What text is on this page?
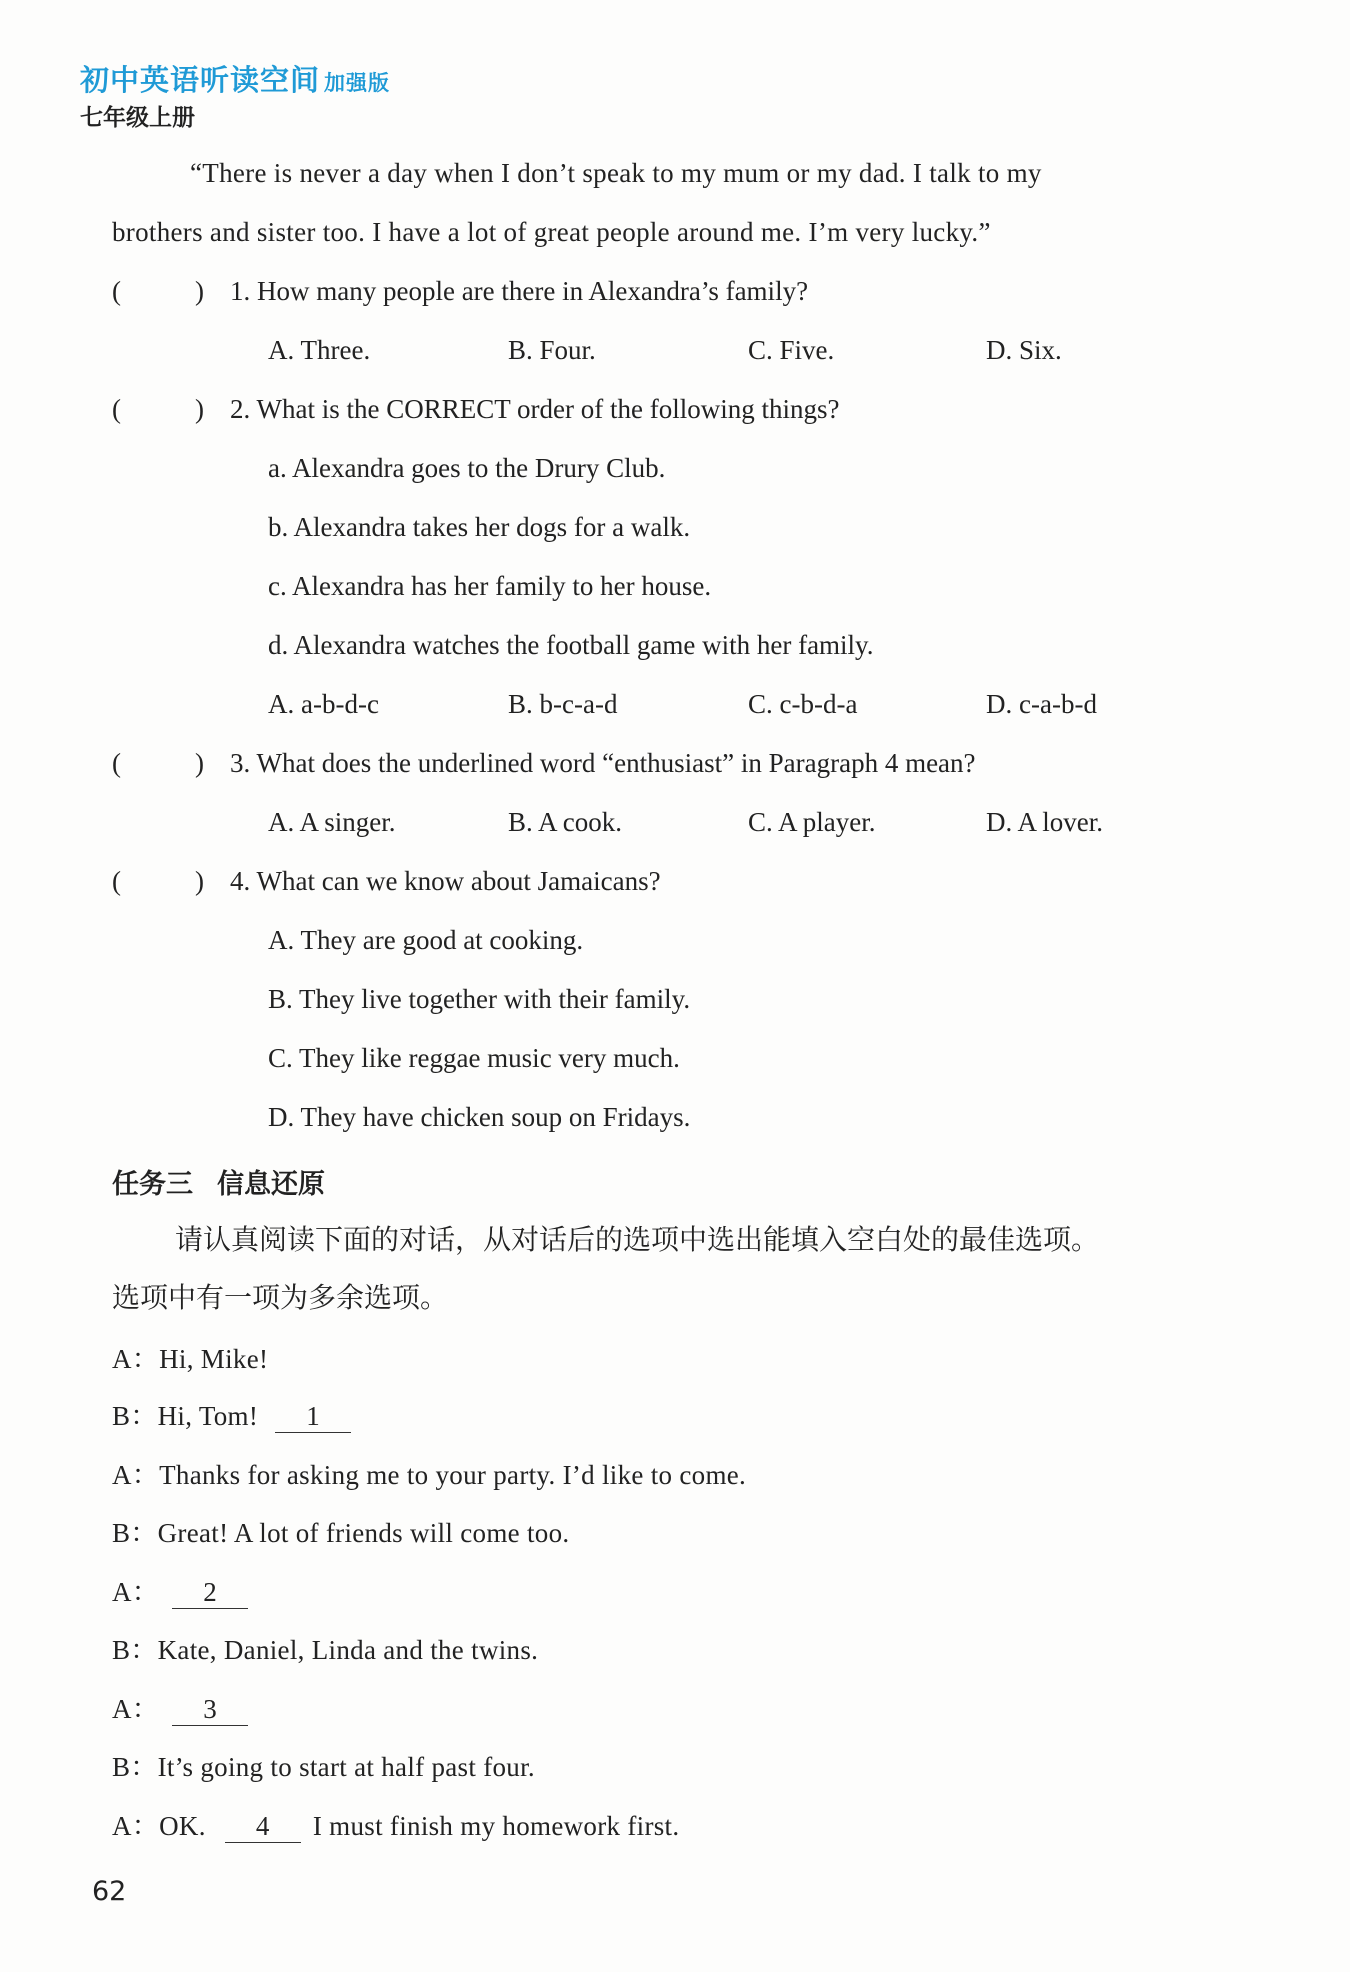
初中英语听读空间 加强版
七年级上册
“There is never a day when I don’t speak to my mum or my dad. I talk to my
brothers and sister too. I have a lot of great people around me. I’m very lucky.”
(	) 1. How many people are there in Alexandra’s family?
A. Three.	B. Four.	C. Five.	D. Six.
(	) 2. What is the CORRECT order of the following things?
a. Alexandra goes to the Drury Club.
b. Alexandra takes her dogs for a walk.
c. Alexandra has her family to her house.
d. Alexandra watches the football game with her family.
A. a-b-d-c	B. b-c-a-d	C. c-b-d-a	D. c-a-b-d
(	) 3. What does the underlined word “enthusiast” in Paragraph 4 mean?
A. A singer.	B. A cook.	C. A player.	D. A lover.
(	) 4. What can we know about Jamaicans?
A. They are good at cooking.
B. They live together with their family.
C. They like reggae music very much.
D. They have chicken soup on Fridays.
任务三 信息还原
请认真阅读下面的对话，从对话后的选项中选出能填入空白处的最佳选项。
选项中有一项为多余选项。
A：Hi, Mike!
B：Hi, Tom! 1
A：Thanks for asking me to your party. I’d like to come.
B：Great! A lot of friends will come too.
A： 2
B：Kate, Daniel, Linda and the twins.
A： 3
B：It’s going to start at half past four.
A：OK. 4 I must finish my homework first.
62
